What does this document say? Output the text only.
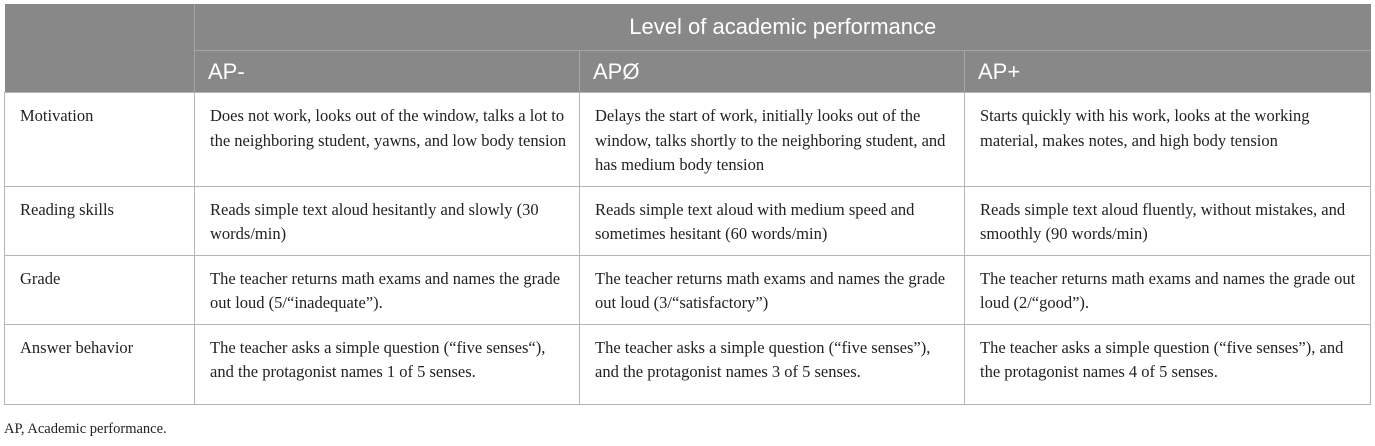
	Level of academic performance		
	AP-	APØ	AP+
Motivation	Does not work, looks out of the window, talks a lot to the neighboring student, yawns, and low body tension	Delays the start of work, initially looks out of the window, talks shortly to the neighboring student, and has medium body tension	Starts quickly with his work, looks at the working material, makes notes, and high body tension
Reading skills	Reads simple text aloud hesitantly and slowly (30 words/min)	Reads simple text aloud with medium speed and sometimes hesitant (60 words/min)	Reads simple text aloud fluently, without mistakes, and smoothly (90 words/min)
Grade	The teacher returns math exams and names the grade out loud (5/“inadequate”).	The teacher returns math exams and names the grade out loud (3/“satisfactory”)	The teacher returns math exams and names the grade out loud (2/“good”).
Answer behavior	The teacher asks a simple question (“five senses“), and the protagonist names 1 of 5 senses.	The teacher asks a simple question (“five senses”), and the protagonist names 3 of 5 senses.	The teacher asks a simple question (“five senses”), and the protagonist names 4 of 5 senses.
AP, Academic performance.
